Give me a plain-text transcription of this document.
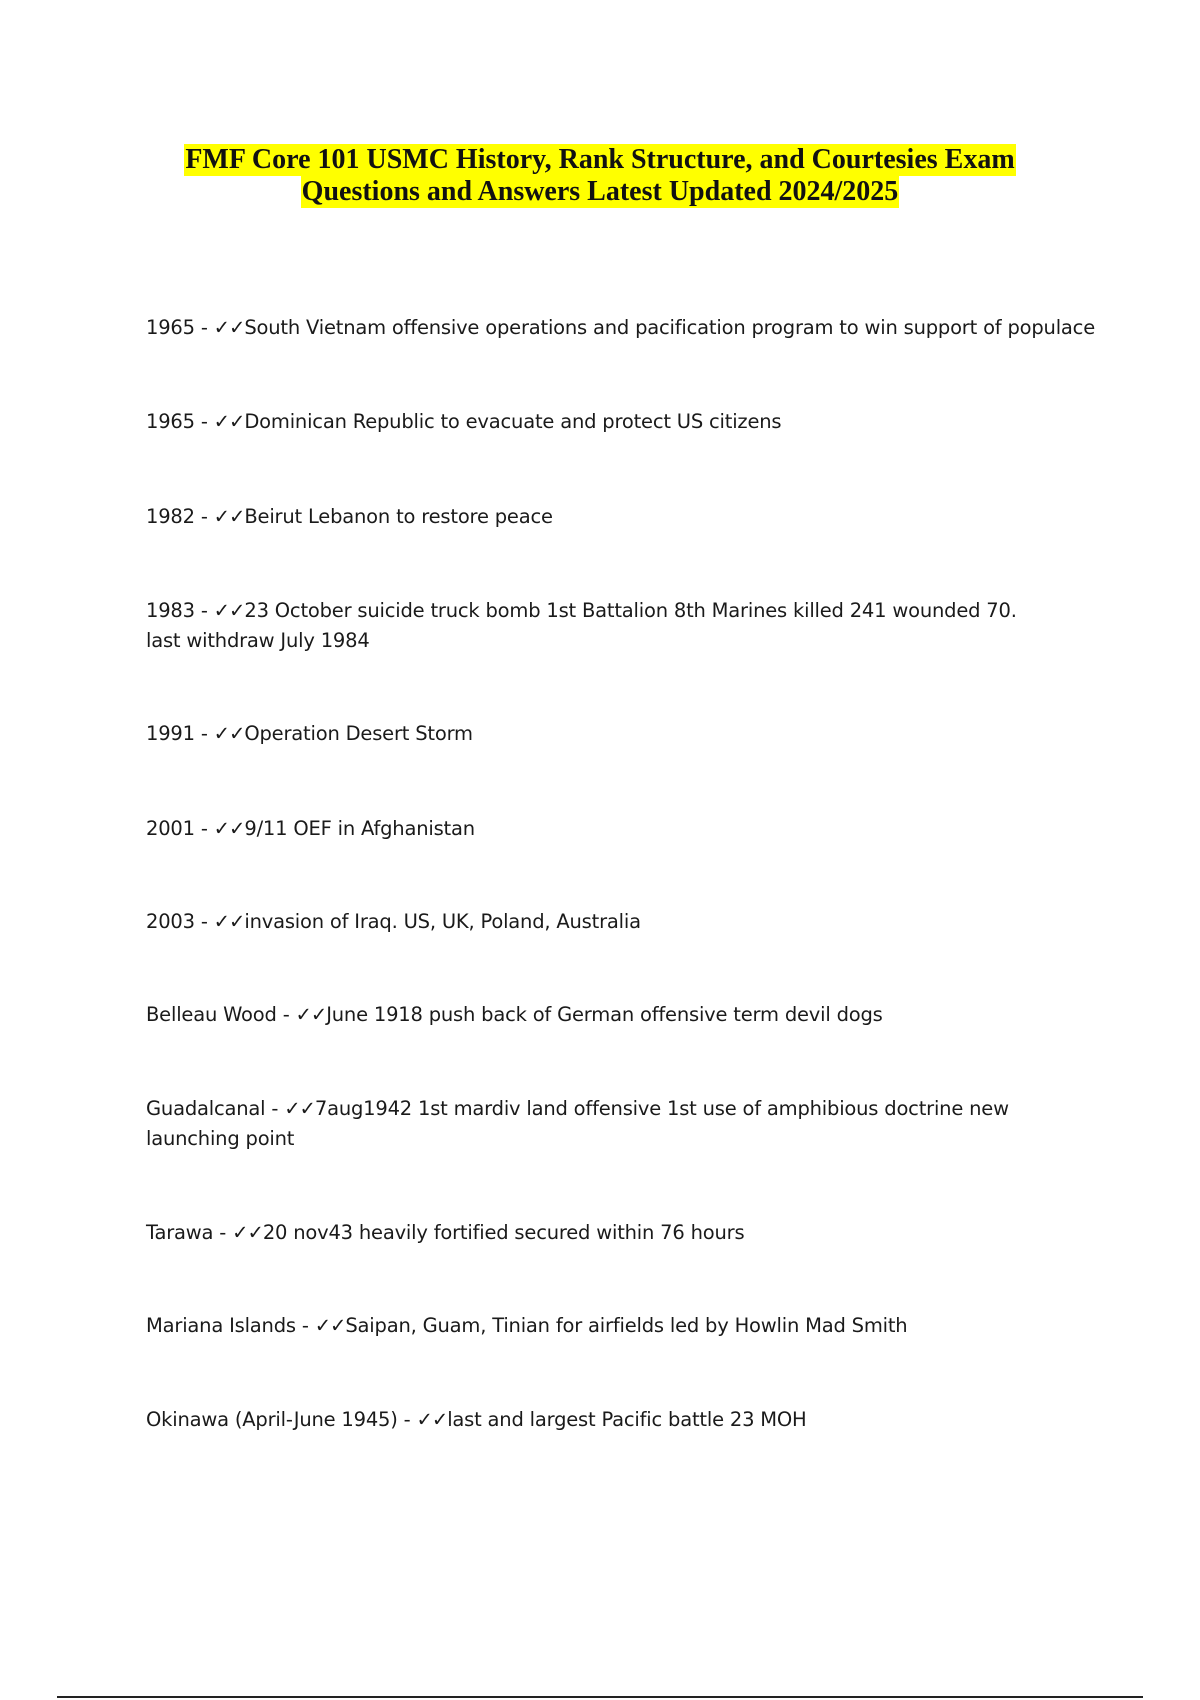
FMF Core 101 USMC History, Rank Structure, and Courtesies Exam
Questions and Answers Latest Updated 2024/2025
1965 - ✓✓South Vietnam offensive operations and pacification program to win support of populace
1965 - ✓✓Dominican Republic to evacuate and protect US citizens
1982 - ✓✓Beirut Lebanon to restore peace
1983 - ✓✓23 October suicide truck bomb 1st Battalion 8th Marines killed 241 wounded 70.
last withdraw July 1984
1991 - ✓✓Operation Desert Storm
2001 - ✓✓9/11 OEF in Afghanistan
2003 - ✓✓invasion of Iraq. US, UK, Poland, Australia
Belleau Wood - ✓✓June 1918 push back of German offensive term devil dogs
Guadalcanal - ✓✓7aug1942 1st mardiv land offensive 1st use of amphibious doctrine new
launching point
Tarawa - ✓✓20 nov43 heavily fortified secured within 76 hours
Mariana Islands - ✓✓Saipan, Guam, Tinian for airfields led by Howlin Mad Smith
Okinawa (April-June 1945) - ✓✓last and largest Pacific battle 23 MOH
